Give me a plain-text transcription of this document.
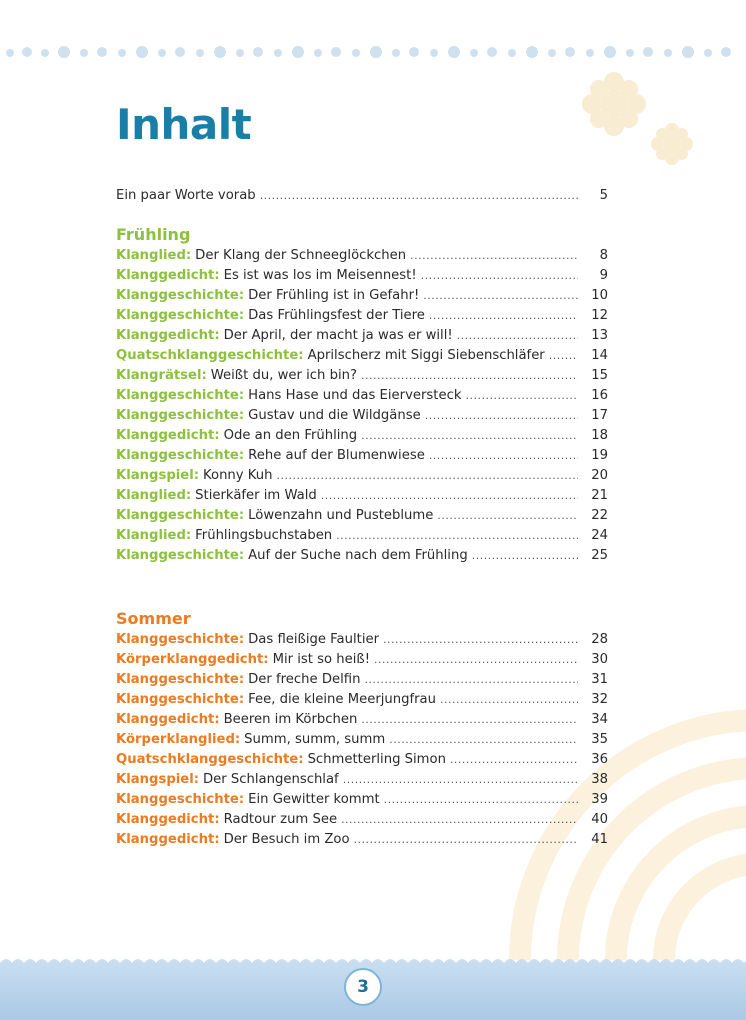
Inhalt
Ein paar Worte vorab .....	5
Frühling
Klanglied: Der Klang der Schneeglöckchen .....	8
Klanggedicht: Es ist was los im Meisennest! .....	9
Klanggeschichte: Der Frühling ist in Gefahr! .....	10
Klanggeschichte: Das Frühlingsfest der Tiere .....	12
Klanggedicht: Der April, der macht ja was er will! .....	13
Quatschklanggeschichte: Aprilscherz mit Siggi Siebenschläfer .....	14
Klangrätsel: Weißt du, wer ich bin? .....	15
Klanggeschichte: Hans Hase und das Eierversteck .....	16
Klanggeschichte: Gustav und die Wildgänse .....	17
Klanggedicht: Ode an den Frühling .....	18
Klanggeschichte: Rehe auf der Blumenwiese .....	19
Klangspiel: Konny Kuh .....	20
Klanglied: Stierkäfer im Wald .....	21
Klanggeschichte: Löwenzahn und Pusteblume .....	22
Klanglied: Frühlingsbuchstaben .....	24
Klanggeschichte: Auf der Suche nach dem Frühling .....	25
Sommer
Klanggeschichte: Das fleißige Faultier .....	28
Körperklanggedicht: Mir ist so heiß! .....	30
Klanggeschichte: Der freche Delfin .....	31
Klanggeschichte: Fee, die kleine Meerjungfrau .....	32
Klanggedicht: Beeren im Körbchen .....	34
Körperklanglied: Summ, summ, summ .....	35
Quatschklanggeschichte: Schmetterling Simon .....	36
Klangspiel: Der Schlangenschlaf .....	38
Klanggeschichte: Ein Gewitter kommt .....	39
Klanggedicht: Radtour zum See .....	40
Klanggedicht: Der Besuch im Zoo .....	41
3
